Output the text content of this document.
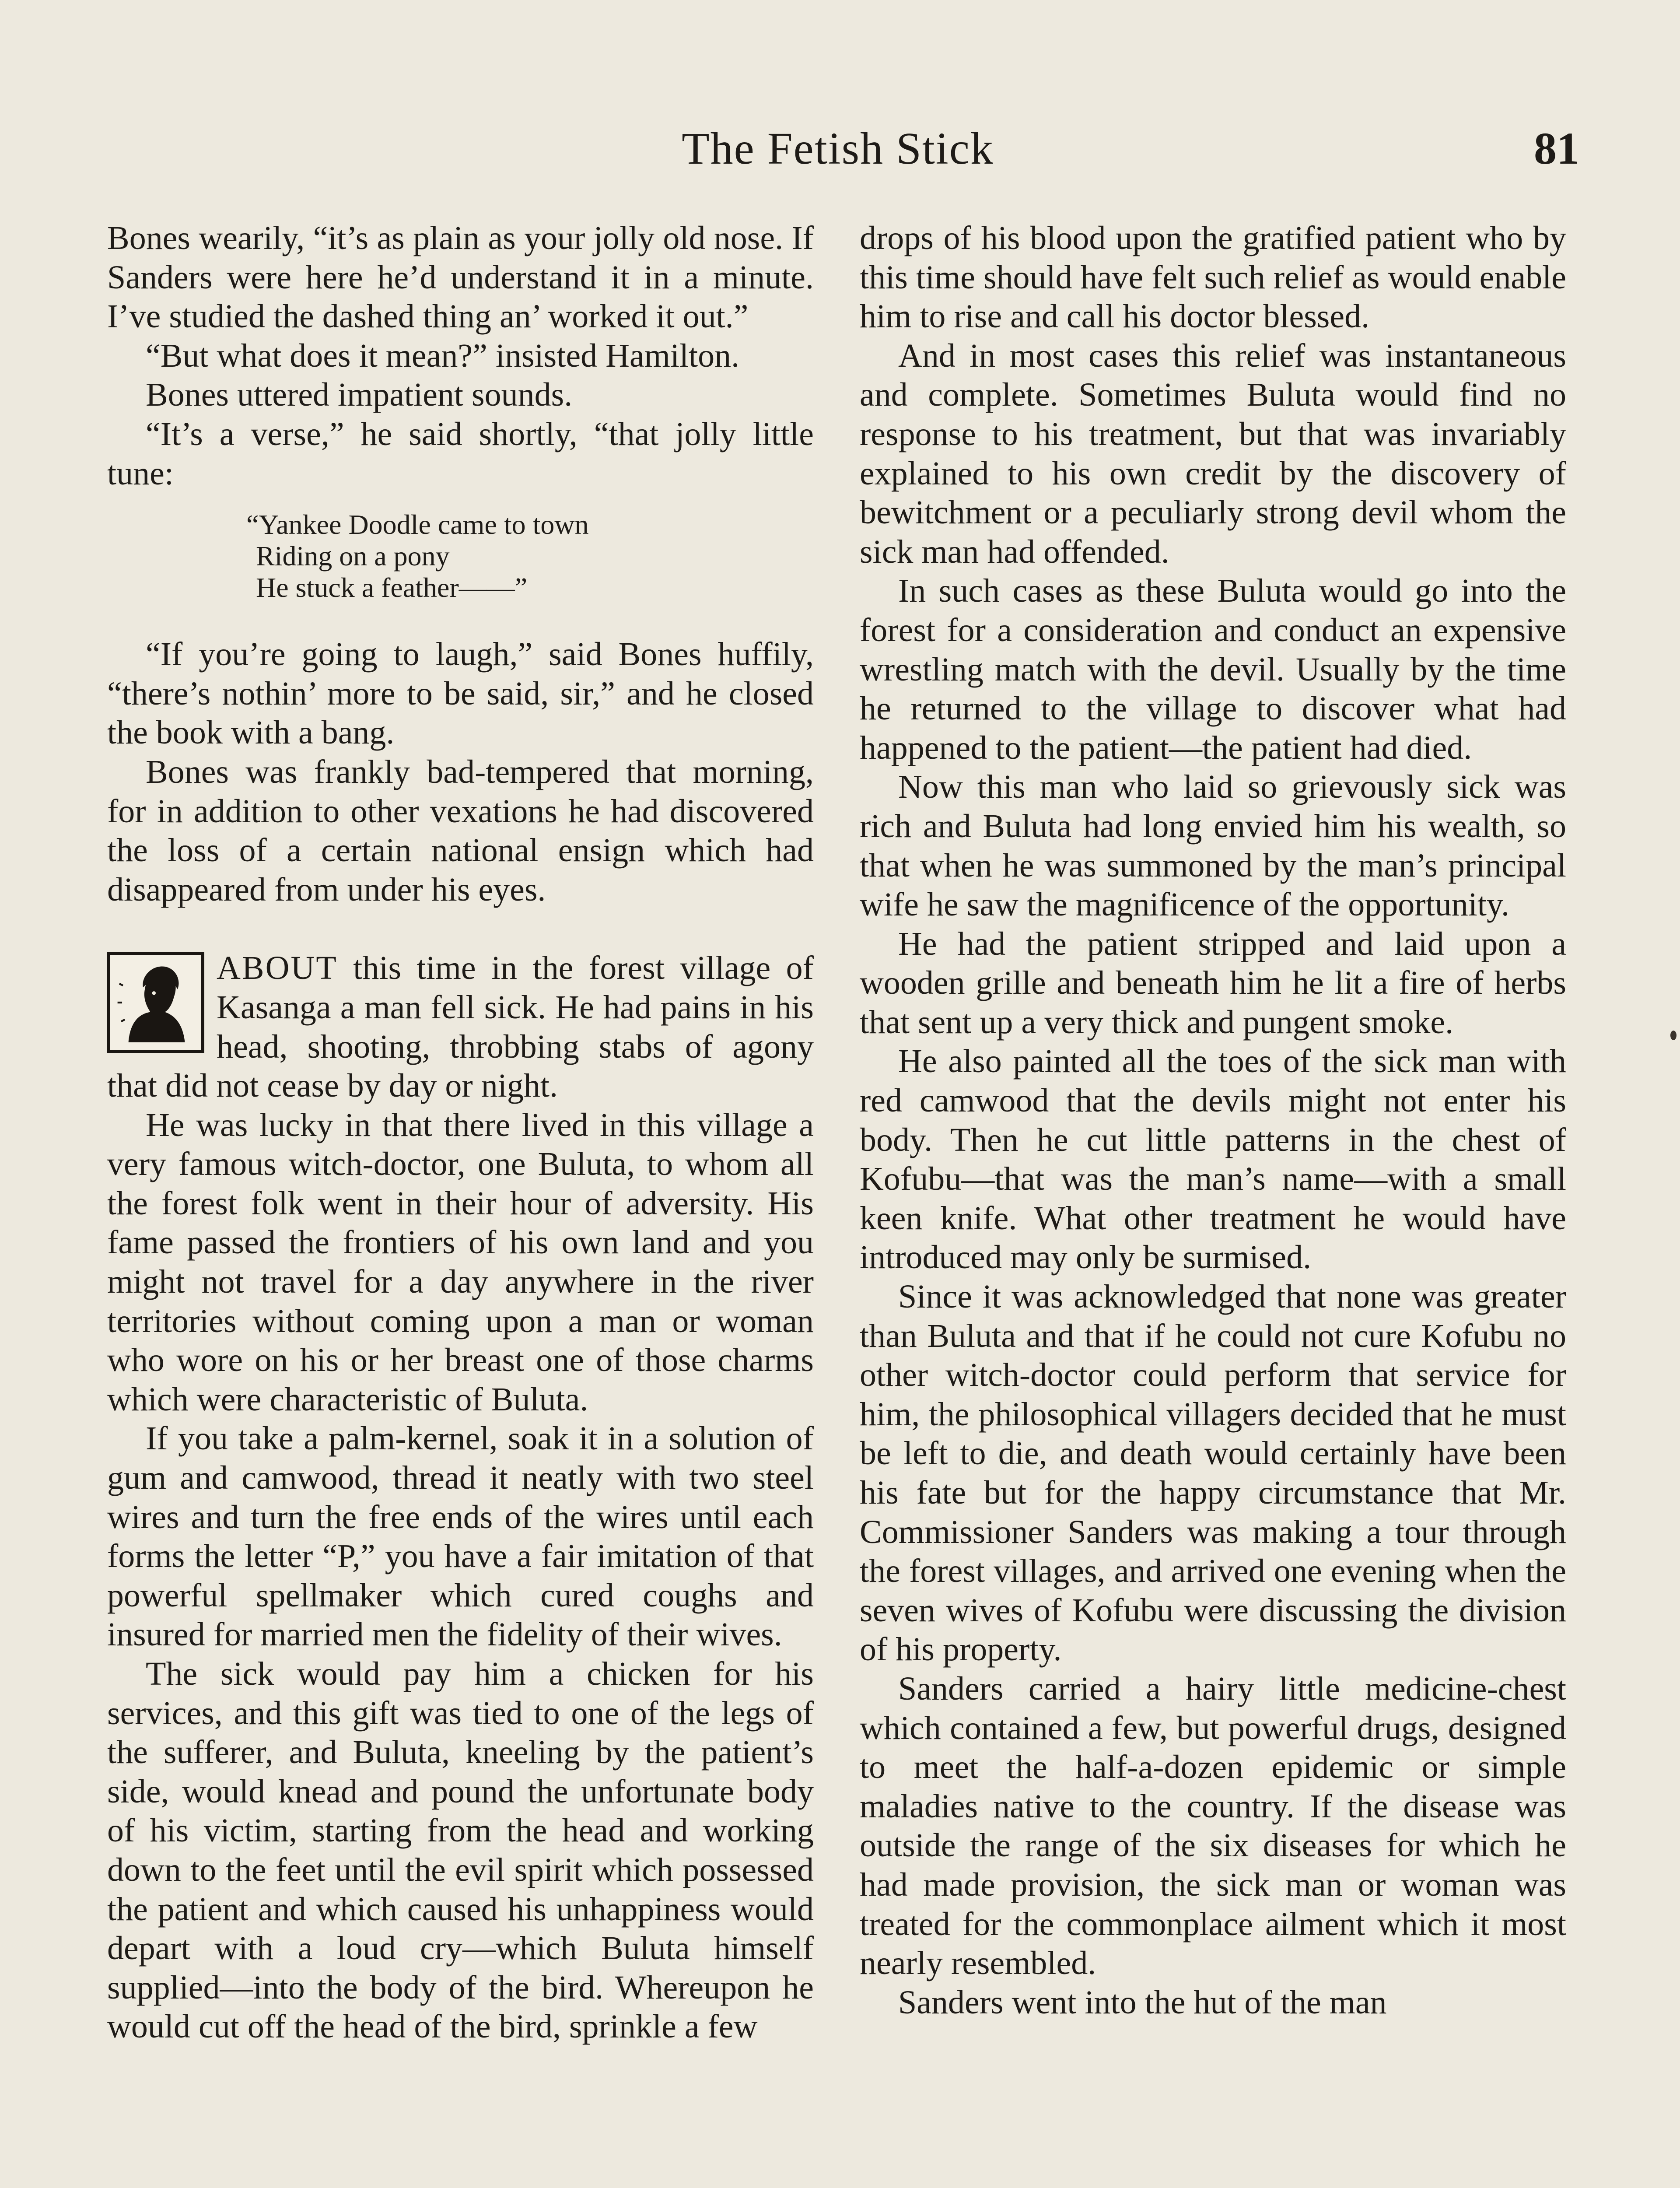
The Fetish Stick	81

Bones wearily, “it’s as plain as your jolly old nose. If Sanders were here he’d understand it in a minute. I’ve studied the dashed thing an’ worked it out.”

“But what does it mean?” insisted Hamilton.

Bones uttered impatient sounds.

“It’s a verse,” he said shortly, “that jolly little tune:

“Yankee Doodle came to town
Riding on a pony
He stuck a feather——”

“If you’re going to laugh,” said Bones huffily, “there’s nothin’ more to be said, sir,” and he closed the book with a bang.

Bones was frankly bad-tempered that morning, for in addition to other vexations he had discovered the loss of a certain national ensign which had disappeared from under his eyes.

ABOUT this time in the forest village of Kasanga a man fell sick. He had pains in his head, shooting, throbbing stabs of agony that did not cease by day or night.

He was lucky in that there lived in this village a very famous witch-doctor, one Buluta, to whom all the forest folk went in their hour of adversity. His fame passed the frontiers of his own land and you might not travel for a day anywhere in the river territories without coming upon a man or woman who wore on his or her breast one of those charms which were characteristic of Buluta.

If you take a palm-kernel, soak it in a solution of gum and camwood, thread it neatly with two steel wires and turn the free ends of the wires until each forms the letter “P,” you have a fair imitation of that powerful spellmaker which cured coughs and insured for married men the fidelity of their wives.

The sick would pay him a chicken for his services, and this gift was tied to one of the legs of the sufferer, and Buluta, kneeling by the patient’s side, would knead and pound the unfortunate body of his victim, starting from the head and working down to the feet until the evil spirit which possessed the patient and which caused his unhappiness would depart with a loud cry—which Buluta himself supplied—into the body of the bird. Whereupon he would cut off the head of the bird, sprinkle a few

drops of his blood upon the gratified patient who by this time should have felt such relief as would enable him to rise and call his doctor blessed.

And in most cases this relief was instantaneous and complete. Sometimes Buluta would find no response to his treatment, but that was invariably explained to his own credit by the discovery of bewitchment or a peculiarly strong devil whom the sick man had offended.

In such cases as these Buluta would go into the forest for a consideration and conduct an expensive wrestling match with the devil. Usually by the time he returned to the village to discover what had happened to the patient—the patient had died.

Now this man who laid so grievously sick was rich and Buluta had long envied him his wealth, so that when he was summoned by the man’s principal wife he saw the magnificence of the opportunity.

He had the patient stripped and laid upon a wooden grille and beneath him he lit a fire of herbs that sent up a very thick and pungent smoke.

He also painted all the toes of the sick man with red camwood that the devils might not enter his body. Then he cut little patterns in the chest of Kofubu—that was the man’s name—with a small keen knife. What other treatment he would have introduced may only be surmised.

Since it was acknowledged that none was greater than Buluta and that if he could not cure Kofubu no other witch-doctor could perform that service for him, the philosophical villagers decided that he must be left to die, and death would certainly have been his fate but for the happy circumstance that Mr. Commissioner Sanders was making a tour through the forest villages, and arrived one evening when the seven wives of Kofubu were discussing the division of his property.

Sanders carried a hairy little medicine-chest which contained a few, but powerful drugs, designed to meet the half-a-dozen epidemic or simple maladies native to the country. If the disease was outside the range of the six diseases for which he had made provision, the sick man or woman was treated for the commonplace ailment which it most nearly resembled.

Sanders went into the hut of the man
